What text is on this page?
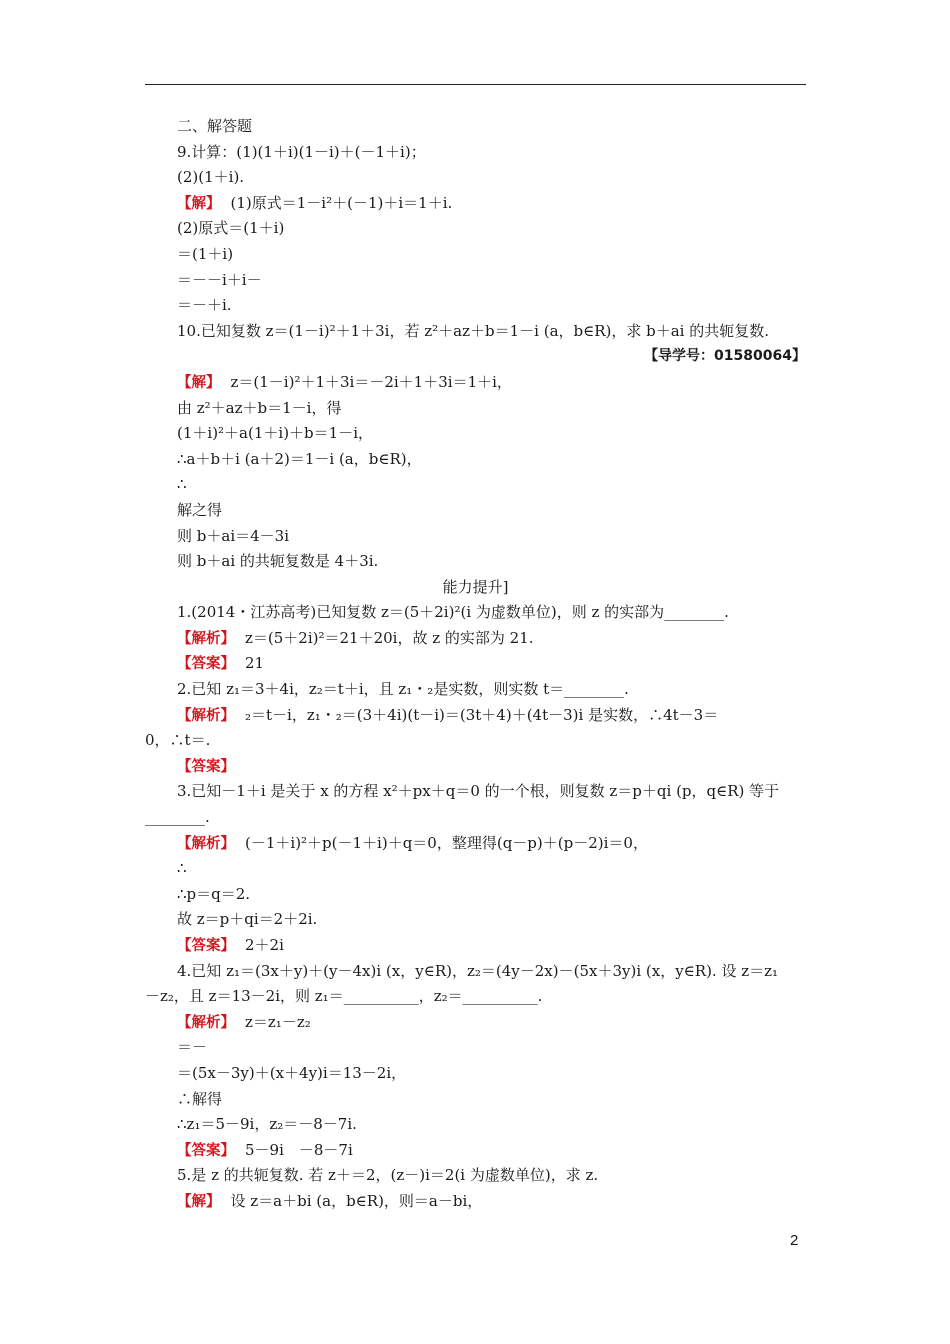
二、解答题
9.计算：(1)(1＋i)(1－i)＋(－1＋i)；
(2)(1＋i).
【解】 (1)原式＝1－i²＋(－1)＋i＝1＋i.
(2)原式＝(1＋i)
＝(1＋i)
＝－－i＋i－
＝－＋i.
10.已知复数 z＝(1－i)²＋1＋3i，若 z²＋az＋b＝1－i (a，b∈R)，求 b＋ai 的共轭复数.
【导学号：01580064】
【解】 z＝(1－i)²＋1＋3i＝－2i＋1＋3i＝1＋i，
由 z²＋az＋b＝1－i，得
(1＋i)²＋a(1＋i)＋b＝1－i，
∴a＋b＋i (a＋2)＝1－i (a，b∈R)，
∴
解之得
则 b＋ai＝4－3i
则 b＋ai 的共轭复数是 4＋3i.
能力提升]
1.(2014・江苏高考)已知复数 z＝(5＋2i)²(i 为虚数单位)，则 z 的实部为________.
【解析】 z＝(5＋2i)²＝21＋20i，故 z 的实部为 21.
【答案】 21
2.已知 z₁＝3＋4i，z₂＝t＋i，且 z₁・₂是实数，则实数 t＝________.
【解析】 ₂＝t－i，z₁・₂＝(3＋4i)(t－i)＝(3t＋4)＋(4t－3)i 是实数，∴4t－3＝
0，∴t＝.
【答案】
3.已知－1＋i 是关于 x 的方程 x²＋px＋q＝0 的一个根，则复数 z＝p＋qi (p，q∈R) 等于
________.
【解析】 (－1＋i)²＋p(－1＋i)＋q＝0，整理得(q－p)＋(p－2)i＝0，
∴
∴p＝q＝2.
故 z＝p＋qi＝2＋2i.
【答案】 2＋2i
4.已知 z₁＝(3x＋y)＋(y－4x)i (x，y∈R)，z₂＝(4y－2x)－(5x＋3y)i (x，y∈R). 设 z＝z₁
－z₂，且 z＝13－2i，则 z₁＝__________，z₂＝__________.
【解析】 z＝z₁－z₂
＝－
＝(5x－3y)＋(x＋4y)i＝13－2i，
∴解得
∴z₁＝5－9i，z₂＝－8－7i.
【答案】 5－9i　－8－7i
5.是 z 的共轭复数. 若 z＋＝2，(z－)i＝2(i 为虚数单位)，求 z.
【解】 设 z＝a＋bi (a，b∈R)，则＝a－bi，
2
